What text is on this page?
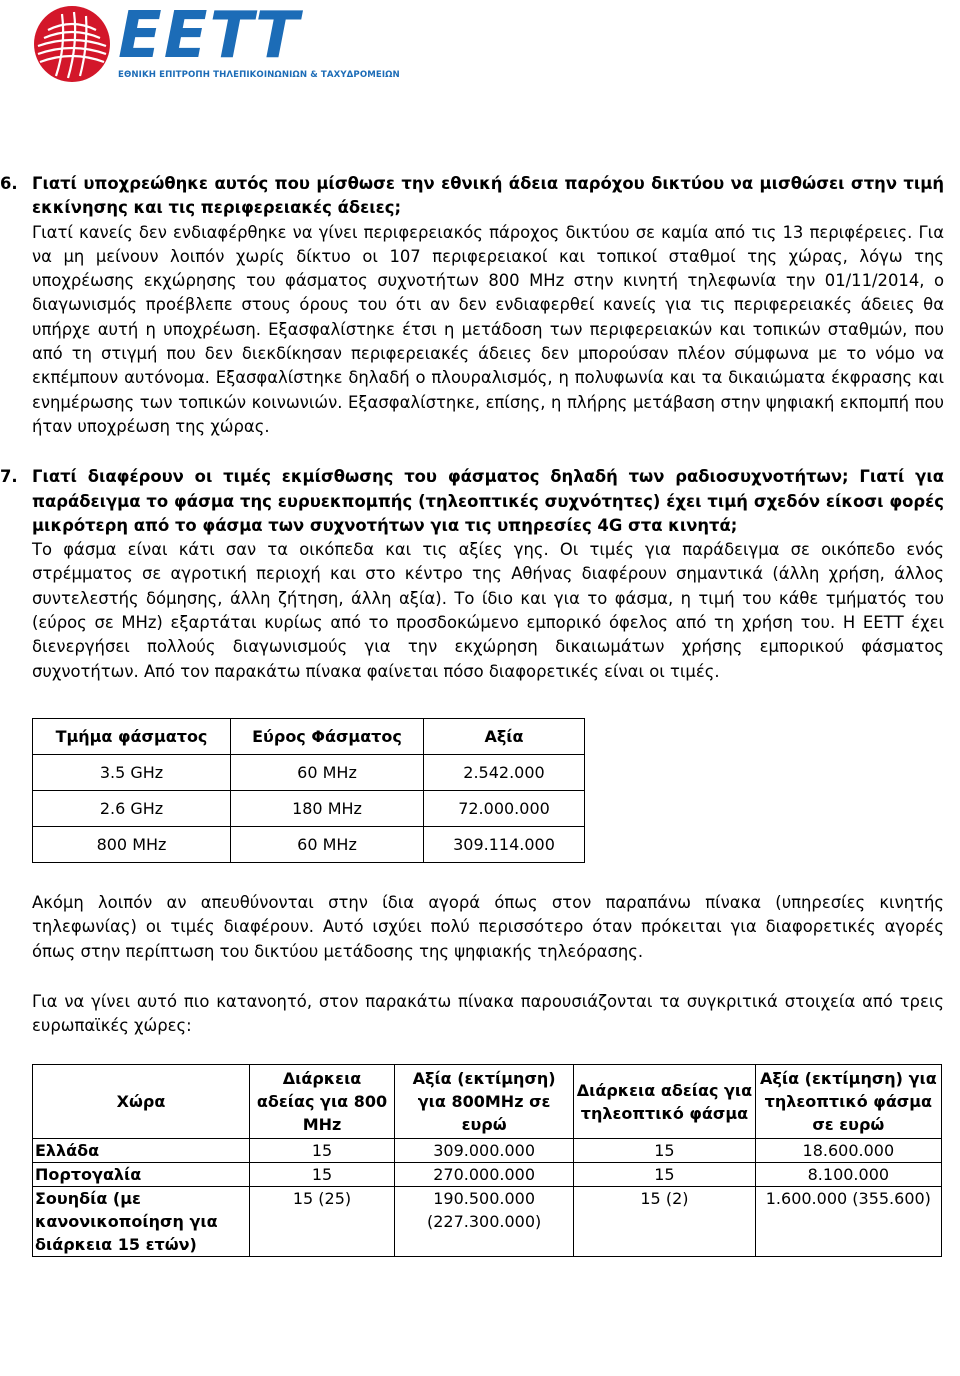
ΕΕΤΤ
ΕΘΝΙΚΗ ΕΠΙΤΡΟΠΗ ΤΗΛΕΠΙΚΟΙΝΩΝΙΩΝ & ΤΑΧΥΔΡΟΜΕΙΩΝ
6. Γιατί υποχρεώθηκε αυτός που μίσθωσε την εθνική άδεια παρόχου δικτύου να μισθώσει στην τιμή εκκίνησης και τις περιφερειακές άδειες;

Γιατί κανείς δεν ενδιαφέρθηκε να γίνει περιφερειακός πάροχος δικτύου σε καμία από τις 13 περιφέρειες. Για να μη μείνουν λοιπόν χωρίς δίκτυο οι 107 περιφερειακοί και τοπικοί σταθμοί της χώρας, λόγω της υποχρέωσης εκχώρησης του φάσματος συχνοτήτων 800 MHz στην κινητή τηλεφωνία την 01/11/2014, ο διαγωνισμός προέβλεπε στους όρους του ότι αν δεν ενδιαφερθεί κανείς για τις περιφερειακές άδειες θα υπήρχε αυτή η υποχρέωση. Εξασφαλίστηκε έτσι η μετάδοση των περιφερειακών και τοπικών σταθμών, που από τη στιγμή που δεν διεκδίκησαν περιφερειακές άδειες δεν μπορούσαν πλέον σύμφωνα με το νόμο να εκπέμπουν αυτόνομα. Εξασφαλίστηκε δηλαδή ο πλουραλισμός, η πολυφωνία και τα δικαιώματα έκφρασης και ενημέρωσης των τοπικών κοινωνιών. Εξασφαλίστηκε, επίσης, η πλήρης μετάβαση στην ψηφιακή εκπομπή που ήταν υποχρέωση της χώρας.

7. Γιατί διαφέρουν οι τιμές εκμίσθωσης του φάσματος δηλαδή των ραδιοσυχνοτήτων; Γιατί για παράδειγμα το φάσμα της ευρυεκπομπής (τηλεοπτικές συχνότητες) έχει τιμή σχεδόν είκοσι φορές μικρότερη από το φάσμα των συχνοτήτων για τις υπηρεσίες 4G στα κινητά;

Το φάσμα είναι κάτι σαν τα οικόπεδα και τις αξίες γης. Οι τιμές για παράδειγμα σε οικόπεδο ενός στρέμματος σε αγροτική περιοχή και στο κέντρο της Αθήνας διαφέρουν σημαντικά (άλλη χρήση, άλλος συντελεστής δόμησης, άλλη ζήτηση, άλλη αξία). Το ίδιο και για το φάσμα, η τιμή του κάθε τμήματός του (εύρος σε MHz) εξαρτάται κυρίως από το προσδοκώμενο εμπορικό όφελος από τη χρήση του. Η ΕΕΤΤ έχει διενεργήσει πολλούς διαγωνισμούς για την εκχώρηση δικαιωμάτων χρήσης εμπορικού φάσματος συχνοτήτων. Από τον παρακάτω πίνακα φαίνεται πόσο διαφορετικές είναι οι τιμές.

Τμήμα φάσματος	Εύρος Φάσματος	Αξία
3.5 GHz	60 MHz	2.542.000
2.6 GHz	180 MHz	72.000.000
800 MHz	60 MHz	309.114.000

Ακόμη λοιπόν αν απευθύνονται στην ίδια αγορά όπως στον παραπάνω πίνακα (υπηρεσίες κινητής τηλεφωνίας) οι τιμές διαφέρουν. Αυτό ισχύει πολύ περισσότερο όταν πρόκειται για διαφορετικές αγορές όπως στην περίπτωση του δικτύου μετάδοσης της ψηφιακής τηλεόρασης.

Για να γίνει αυτό πιο κατανοητό, στον παρακάτω πίνακα παρουσιάζονται τα συγκριτικά στοιχεία από τρεις ευρωπαϊκές χώρες:

Χώρα	Διάρκεια αδείας για 800 MHz	Αξία (εκτίμηση) για 800MHz σε ευρώ	Διάρκεια αδείας για τηλεοπτικό φάσμα	Αξία (εκτίμηση) για τηλεοπτικό φάσμα σε ευρώ
Ελλάδα	15	309.000.000	15	18.600.000
Πορτογαλία	15	270.000.000	15	8.100.000
Σουηδία (με κανονικοποίηση για διάρκεια 15 ετών)	15 (25)	190.500.000 (227.300.000)	15 (2)	1.600.000 (355.600)
